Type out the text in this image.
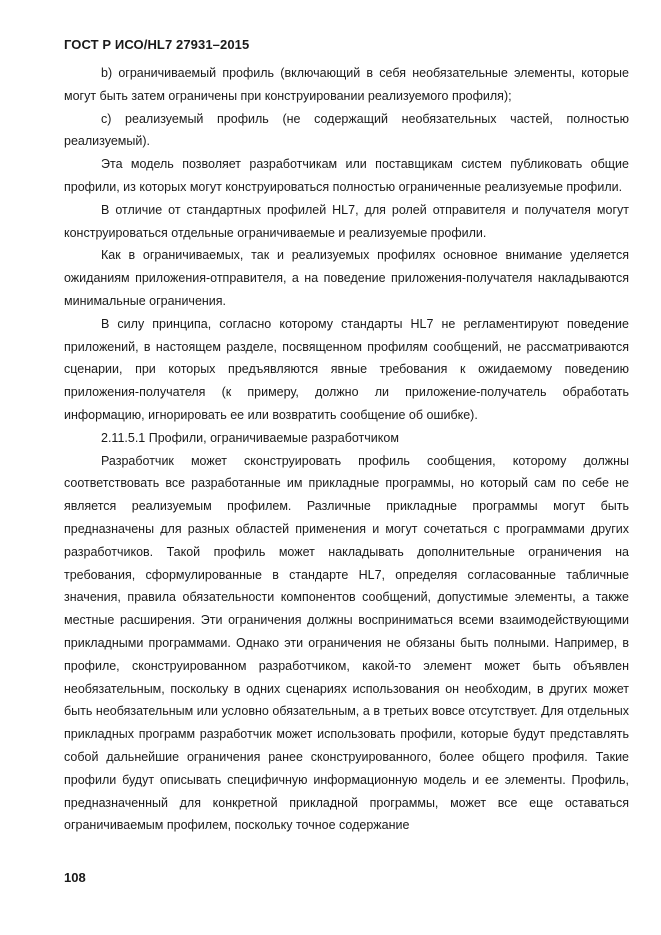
ГОСТ Р ИСО/HL7 27931–2015

b) ограничиваемый профиль (включающий в себя необязательные элементы, которые могут быть затем ограничены при конструировании реализуемого профиля);

c) реализуемый профиль (не содержащий необязательных частей, полностью реализуемый).

Эта модель позволяет разработчикам или поставщикам систем публиковать общие профили, из которых могут конструироваться полностью ограниченные реализуемые профили.

В отличие от стандартных профилей HL7, для ролей отправителя и получателя могут конструироваться отдельные ограничиваемые и реализуемые профили.

Как в ограничиваемых, так и реализуемых профилях основное внимание уделяется ожиданиям приложения-отправителя, а на поведение приложения-получателя накладываются минимальные ограничения.

В силу принципа, согласно которому стандарты HL7 не регламентируют поведение приложений, в настоящем разделе, посвященном профилям сообщений, не рассматриваются сценарии, при которых предъявляются явные требования к ожидаемому поведению приложения-получателя (к примеру, должно ли приложение-получатель обработать информацию, игнорировать ее или возвратить сообщение об ошибке).

2.11.5.1 Профили, ограничиваемые разработчиком

Разработчик может сконструировать профиль сообщения, которому должны соответствовать все разработанные им прикладные программы, но который сам по себе не является реализуемым профилем. Различные прикладные программы могут быть предназначены для разных областей применения и могут сочетаться с программами других разработчиков. Такой профиль может накладывать дополнительные ограничения на требования, сформулированные в стандарте HL7, определяя согласованные табличные значения, правила обязательности компонентов сообщений, допустимые элементы, а также местные расширения. Эти ограничения должны восприниматься всеми взаимодействующими прикладными программами. Однако эти ограничения не обязаны быть полными. Например, в профиле, сконструированном разработчиком, какой-то элемент может быть объявлен необязательным, поскольку в одних сценариях использования он необходим, в других может быть необязательным или условно обязательным, а в третьих вовсе отсутствует. Для отдельных прикладных программ разработчик может использовать профили, которые будут представлять собой дальнейшие ограничения ранее сконструированного, более общего профиля. Такие профили будут описывать специфичную информационную модель и ее элементы. Профиль, предназначенный для конкретной прикладной программы, может все еще оставаться ограничиваемым профилем, поскольку точное содержание

108
